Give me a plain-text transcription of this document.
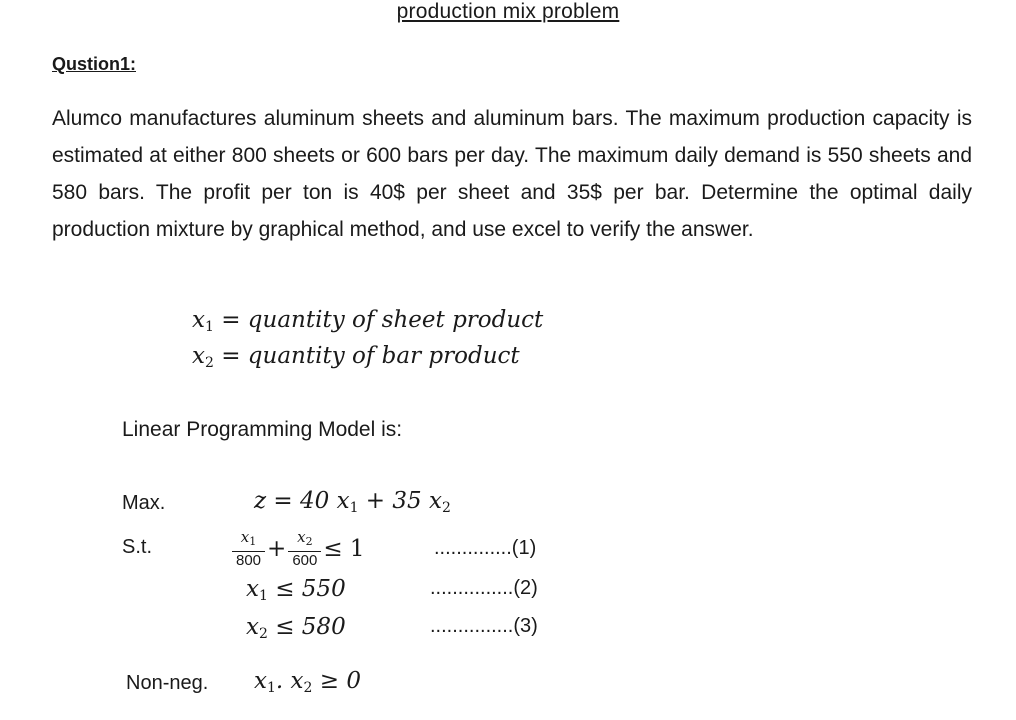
production mix problem
Qustion1:
Alumco manufactures aluminum sheets and aluminum bars. The maximum production capacity is estimated at either 800 sheets or 600 bars per day. The maximum daily demand is 550 sheets and 580 bars. The profit per ton is 40$ per sheet and 35$ per bar. Determine the optimal daily production mixture by graphical method, and use excel to verify the answer.
$x_1$ = quantity of sheet product
$x_2$ = quantity of bar product
Linear Programming Model is:
Max.	z = 40 $x_1 + 35$ $x_2$
S.t.	$\frac{x_1}{800} + \frac{x_2}{600} \le 1$	..............(1)
$x_1 \le 550$	...............(2)
$x_2 \le 580$	...............(3)
Non-neg. $x_1$. $x_2 \ge 0$
